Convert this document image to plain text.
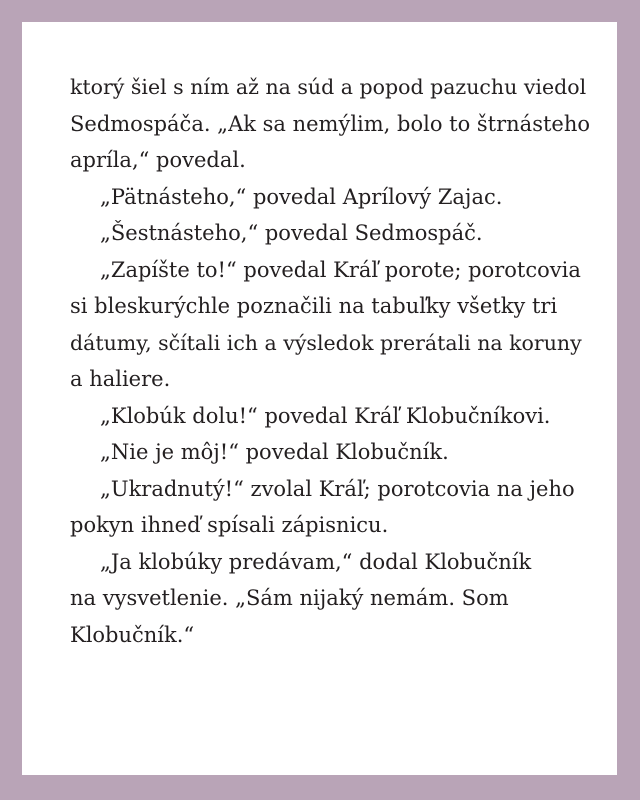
ktorý šiel s ním až na súd a popod pazuchu viedol
Sedmospáča. „Ak sa nemýlim, bolo to štrnásteho
apríla,“ povedal.
„Pätnásteho,“ povedal Aprílový Zajac.
„Šestnásteho,“ povedal Sedmospáč.
„Zapíšte to!“ povedal Kráľ porote; porotcovia
si bleskurýchle poznačili na tabuľky všetky tri
dátumy, sčítali ich a výsledok prerátali na koruny
a haliere.
„Klobúk dolu!“ povedal Kráľ Klobučníkovi.
„Nie je môj!“ povedal Klobučník.
„Ukradnutý!“ zvolal Kráľ; porotcovia na jeho
pokyn ihneď spísali zápisnicu.
„Ja klobúky predávam,“ dodal Klobučník
na vysvetlenie. „Sám nijaký nemám. Som
Klobučník.“
